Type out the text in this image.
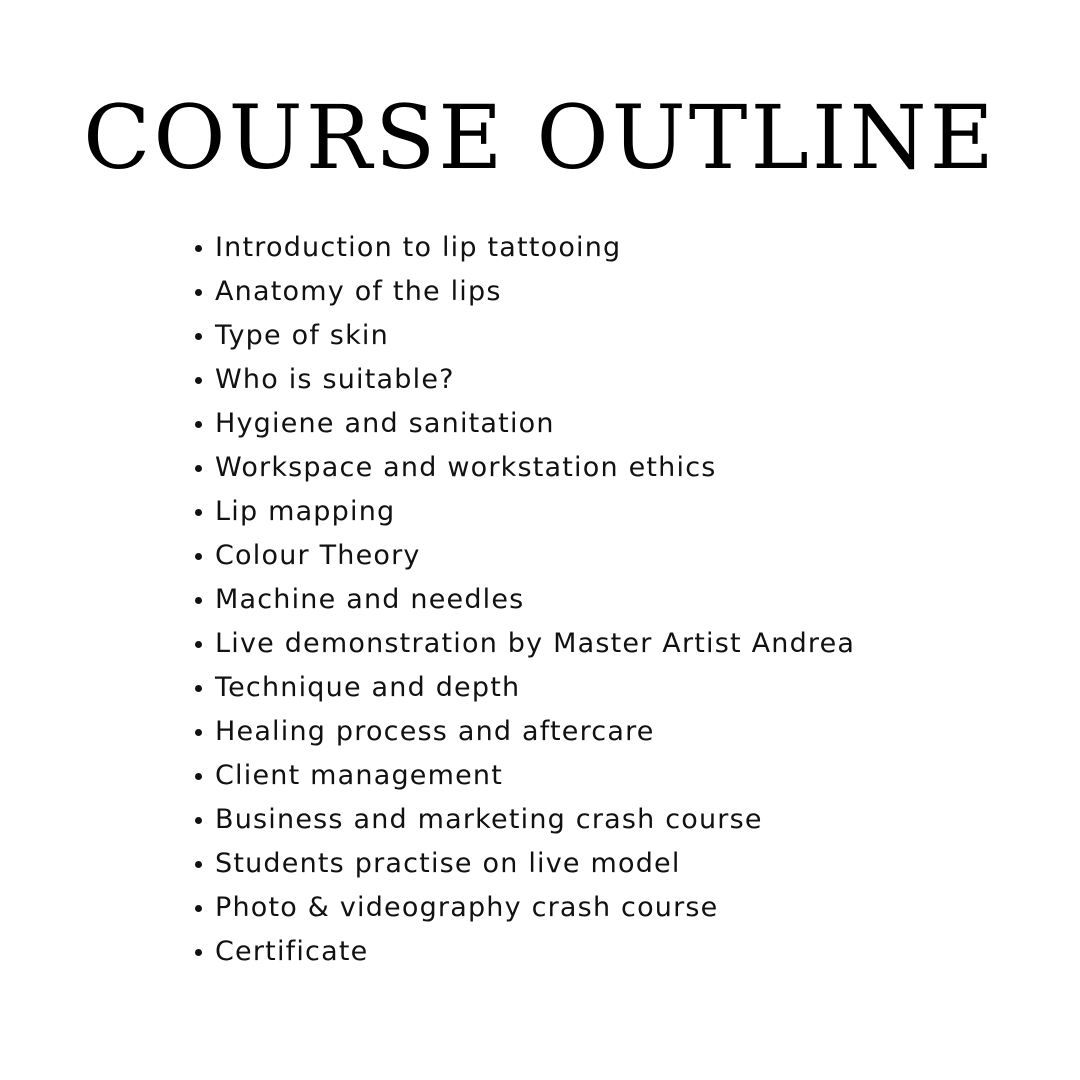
COURSE OUTLINE
Introduction to lip tattooing
Anatomy of the lips
Type of skin
Who is suitable?
Hygiene and sanitation
Workspace and workstation ethics
Lip mapping
Colour Theory
Machine and needles
Live demonstration by Master Artist Andrea
Technique and depth
Healing process and aftercare
Client management
Business and marketing crash course
Students practise on live model
Photo & videography crash course
Certificate
